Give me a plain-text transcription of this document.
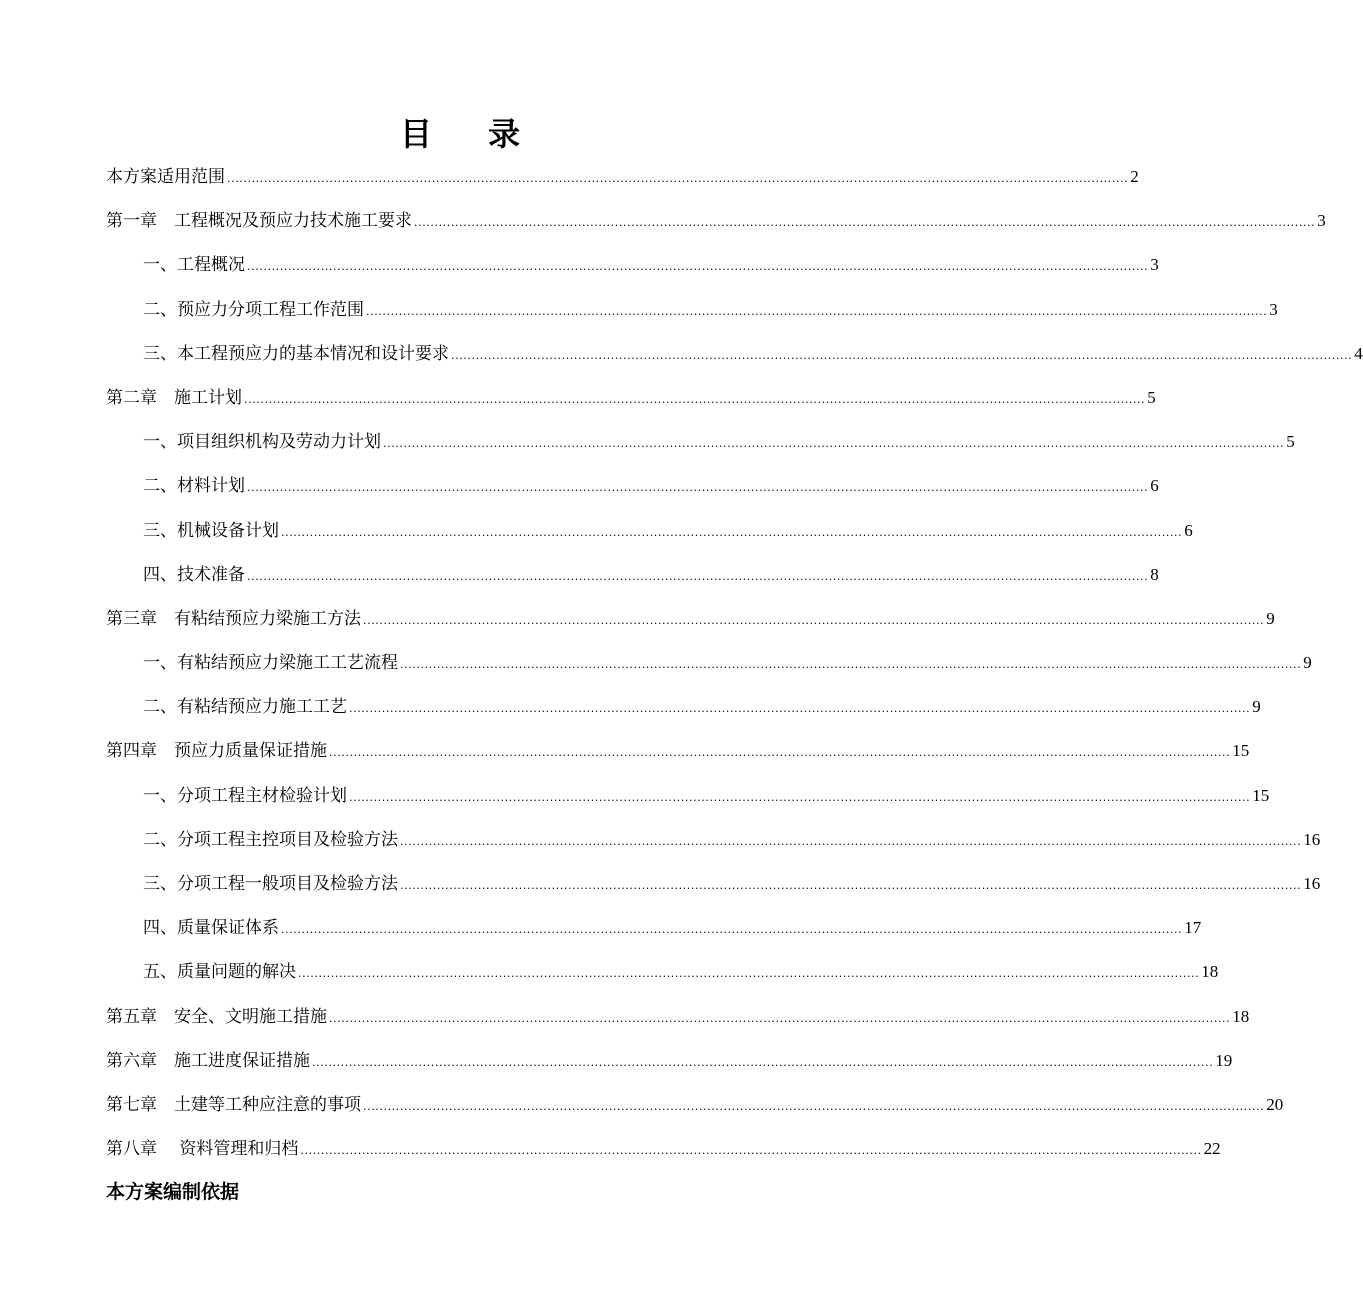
目录
本方案适用范围 ............................................................................................................................................................................................................................ 2
第一章　工程概况及预应力技术施工要求 ............................................................................................................................................................................................................................ 3
一、工程概况 ............................................................................................................................................................................................................................ 3
二、预应力分项工程工作范围 ............................................................................................................................................................................................................................ 3
三、本工程预应力的基本情况和设计要求 ............................................................................................................................................................................................................................ 4
第二章　施工计划 ............................................................................................................................................................................................................................ 5
一、项目组织机构及劳动力计划 ............................................................................................................................................................................................................................ 5
二、材料计划 ............................................................................................................................................................................................................................ 6
三、机械设备计划 ............................................................................................................................................................................................................................ 6
四、技术准备 ............................................................................................................................................................................................................................ 8
第三章　有粘结预应力梁施工方法 ............................................................................................................................................................................................................................ 9
一、有粘结预应力梁施工工艺流程 ............................................................................................................................................................................................................................ 9
二、有粘结预应力施工工艺 ............................................................................................................................................................................................................................ 9
第四章　预应力质量保证措施 ............................................................................................................................................................................................................................ 15
一、分项工程主材检验计划 ............................................................................................................................................................................................................................ 15
二、分项工程主控项目及检验方法 ............................................................................................................................................................................................................................ 16
三、分项工程一般项目及检验方法 ............................................................................................................................................................................................................................ 16
四、质量保证体系 ............................................................................................................................................................................................................................ 17
五、质量问题的解决 ............................................................................................................................................................................................................................ 18
第五章　安全、文明施工措施 ............................................................................................................................................................................................................................ 18
第六章　施工进度保证措施 ............................................................................................................................................................................................................................ 19
第七章　土建等工种应注意的事项 ............................................................................................................................................................................................................................ 20
第八章　 资料管理和归档 ............................................................................................................................................................................................................................ 22
本方案编制依据
